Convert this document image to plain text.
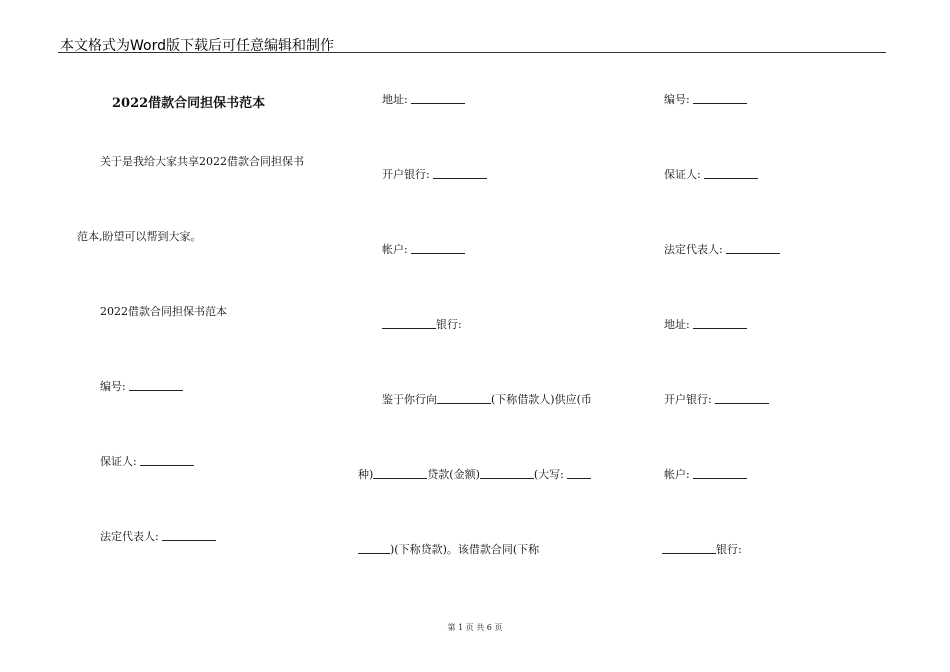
本文格式为Word版下载后可任意编辑和制作
2022借款合同担保书范本
关于是我给大家共享2022借款合同担保书
范本,盼望可以帮到大家。
2022借款合同担保书范本
编号:
保证人:
法定代表人:
地址:
开户银行:
帐户:
银行:
鉴于你行向	(下称借款人)供应(币
种)	贷款(金额)	(大写:
)(下称贷款)。该借款合同(下称
编号:
保证人:
法定代表人:
地址:
开户银行:
帐户:
银行:
第 1 页 共 6 页
